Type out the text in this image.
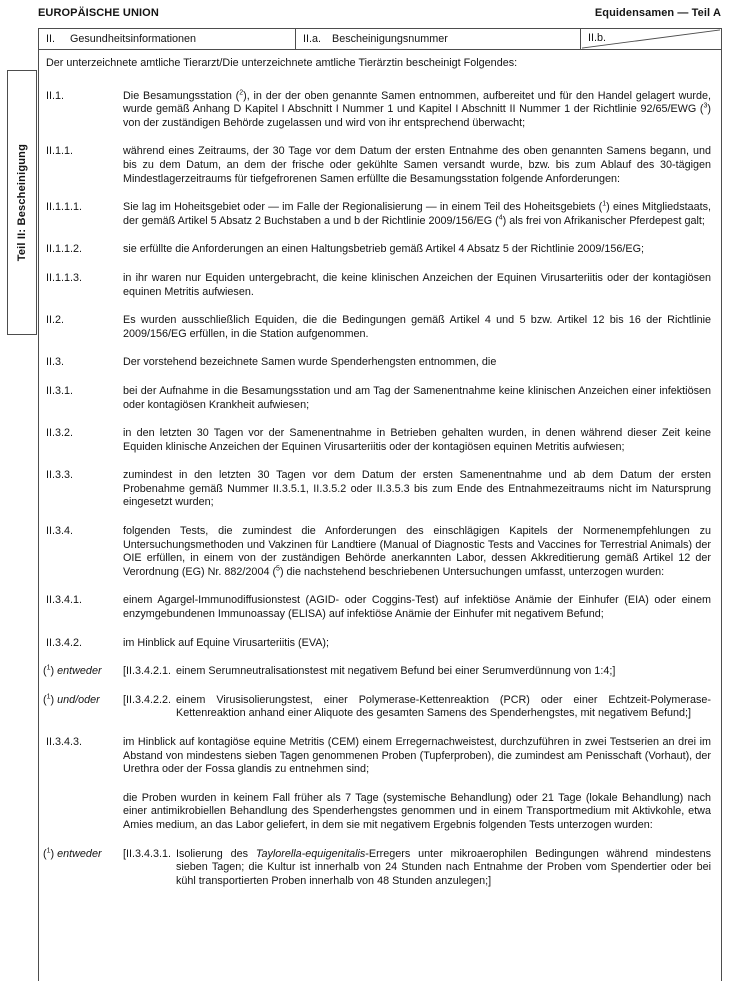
EUROPÄISCHE UNION	Equidensamen — Teil A
Teil II: Bescheinigung
II.	Gesundheitsinformationen	II.a.	Bescheinigungsnummer	II.b.

Der unterzeichnete amtliche Tierarzt/Die unterzeichnete amtliche Tierärztin bescheinigt Folgendes:

II.1.	Die Besamungsstation ($^2$), in der der oben genannte Samen entnommen, aufbereitet und für den Handel gelagert wurde, wurde gemäß Anhang D Kapitel I Abschnitt I Nummer 1 und Kapitel I Abschnitt II Nummer 1 der Richtlinie 92/65/EWG ($^3$) von der zuständigen Behörde zugelassen und wird von ihr entsprechend überwacht;
II.1.1.	während eines Zeitraums, der 30 Tage vor dem Datum der ersten Entnahme des oben genannten Samens begann, und bis zu dem Datum, an dem der frische oder gekühlte Samen versandt wurde, bzw. bis zum Ablauf des 30-tägigen Mindestlagerzeitraums für tiefgefrorenen Samen erfüllte die Besamungsstation folgende Anforderungen:
II.1.1.1.	Sie lag im Hoheitsgebiet oder — im Falle der Regionalisierung — in einem Teil des Hoheitsgebiets ($^1$) eines Mitgliedstaats, der gemäß Artikel 5 Absatz 2 Buchstaben a und b der Richtlinie 2009/156/EG ($^4$) als frei von Afrikanischer Pferdepest galt;
II.1.1.2.	sie erfüllte die Anforderungen an einen Haltungsbetrieb gemäß Artikel 4 Absatz 5 der Richtlinie 2009/156/EG;
II.1.1.3.	in ihr waren nur Equiden untergebracht, die keine klinischen Anzeichen der Equinen Virusarteriitis oder der kontagiösen equinen Metritis aufwiesen.
II.2.	Es wurden ausschließlich Equiden, die die Bedingungen gemäß Artikel 4 und 5 bzw. Artikel 12 bis 16 der Richtlinie 2009/156/EG erfüllen, in die Station aufgenommen.
II.3.	Der vorstehend bezeichnete Samen wurde Spenderhengsten entnommen, die
II.3.1.	bei der Aufnahme in die Besamungsstation und am Tag der Samenentnahme keine klinischen Anzeichen einer infektiösen oder kontagiösen Krankheit aufwiesen;
II.3.2.	in den letzten 30 Tagen vor der Samenentnahme in Betrieben gehalten wurden, in denen während dieser Zeit keine Equiden klinische Anzeichen der Equinen Virusarteriitis oder der kontagiösen equinen Metritis aufwiesen;
II.3.3.	zumindest in den letzten 30 Tagen vor dem Datum der ersten Samenentnahme und ab dem Datum der ersten Probenahme gemäß Nummer II.3.5.1, II.3.5.2 oder II.3.5.3 bis zum Ende des Entnahmezeitraums nicht im Natursprung eingesetzt wurden;
II.3.4.	folgenden Tests, die zumindest die Anforderungen des einschlägigen Kapitels der Normenempfehlungen zu Untersuchungsmethoden und Vakzinen für Landtiere (Manual of Diagnostic Tests and Vaccines for Terrestrial Animals) der OIE erfüllen, in einem von der zuständigen Behörde anerkannten Labor, dessen Akkreditierung gemäß Artikel 12 der Verordnung (EG) Nr. 882/2004 ($^5$) die nachstehend beschriebenen Untersuchungen umfasst, unterzogen wurden:
II.3.4.1.	einem Agargel-Immunodiffusionstest (AGID- oder Coggins-Test) auf infektiöse Anämie der Einhufer (EIA) oder einem enzymgebundenen Immunoassay (ELISA) auf infektiöse Anämie der Einhufer mit negativem Befund;
II.3.4.2.	im Hinblick auf Equine Virusarteriitis (EVA);
($^1$) entweder	[II.3.4.2.1. einem Serumneutralisationstest mit negativem Befund bei einer Serumverdünnung von 1:4;]
($^1$) und/oder	[II.3.4.2.2. einem Virusisolierungstest, einer Polymerase-Kettenreaktion (PCR) oder einer Echtzeit-Polymerase-Kettenreaktion anhand einer Aliquote des gesamten Samens des Spenderhengstes, mit negativem Befund;]
II.3.4.3.	im Hinblick auf kontagiöse equine Metritis (CEM) einem Erregernachweistest, durchzuführen in zwei Testserien an drei im Abstand von mindestens sieben Tagen genommenen Proben (Tupferproben), die zumindest am Penisschaft (Vorhaut), der Urethra oder der Fossa glandis zu entnehmen sind;
die Proben wurden in keinem Fall früher als 7 Tage (systemische Behandlung) oder 21 Tage (lokale Behandlung) nach einer antimikrobiellen Behandlung des Spenderhengstes genommen und in einem Transportmedium mit Aktivkohle, etwa Amies medium, an das Labor geliefert, in dem sie mit negativem Ergebnis folgenden Tests unterzogen wurden:
($^1$) entweder	[II.3.4.3.1. Isolierung des Taylorella-equigenitalis-Erregers unter mikroaerophilen Bedingungen während mindestens sieben Tagen; die Kultur ist innerhalb von 24 Stunden nach Entnahme der Proben vom Spendertier oder bei kühl transportierten Proben innerhalb von 48 Stunden anzulegen;]
